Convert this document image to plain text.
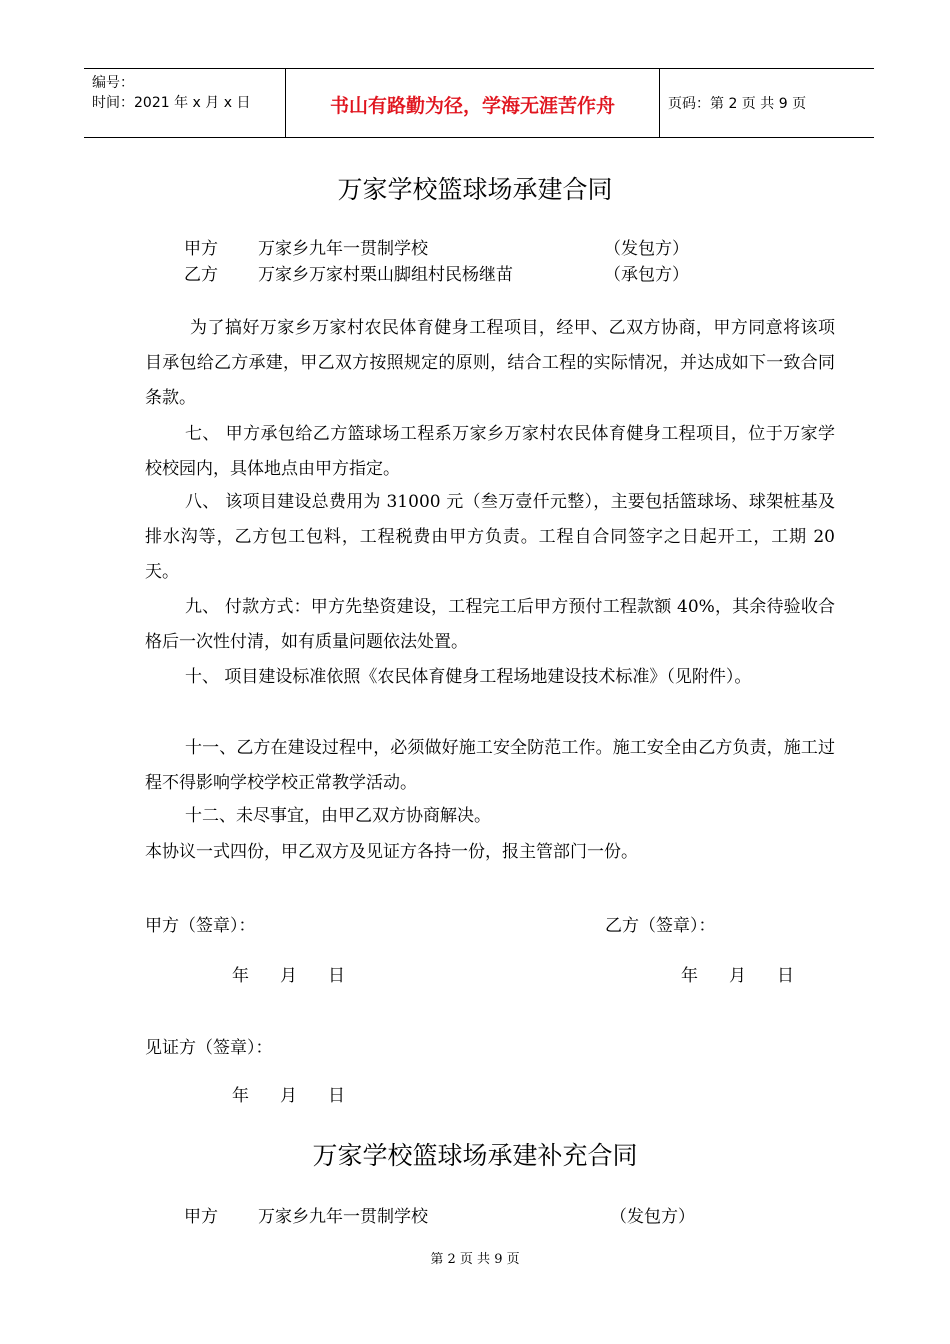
编号：
时间：2021 年 x 月 x 日	书山有路勤为径，学海无涯苦作舟	页码：第 2 页 共 9 页
万家学校篮球场承建合同
甲方 万家乡九年一贯制学校	（发包方）
乙方 万家乡万家村栗山脚组村民杨继苗	（承包方）
为了搞好万家乡万家村农民体育健身工程项目，经甲、乙双方协商，甲方同意将该项目承包给乙方承建，甲乙双方按照规定的原则，结合工程的实际情况，并达成如下一致合同条款。
七、 甲方承包给乙方篮球场工程系万家乡万家村农民体育健身工程项目，位于万家学校校园内，具体地点由甲方指定。
八、 该项目建设总费用为 31000 元（叁万壹仟元整），主要包括篮球场、球架桩基及排水沟等，乙方包工包料，工程税费由甲方负责。工程自合同签字之日起开工，工期 20 天。
九、 付款方式：甲方先垫资建设，工程完工后甲方预付工程款额 40%，其余待验收合格后一次性付清，如有质量问题依法处置。
十、 项目建设标准依照《农民体育健身工程场地建设技术标准》（见附件）。
十一、乙方在建设过程中，必须做好施工安全防范工作。施工安全由乙方负责，施工过程不得影响学校学校正常教学活动。
十二、未尽事宜，由甲乙双方协商解决。
本协议一式四份，甲乙双方及见证方各持一份，报主管部门一份。
甲方（签章）：	乙方（签章）：
年 月 日	年 月 日
见证方（签章）：
年 月 日
万家学校篮球场承建补充合同
甲方 万家乡九年一贯制学校	（发包方）
第 2 页 共 9 页
